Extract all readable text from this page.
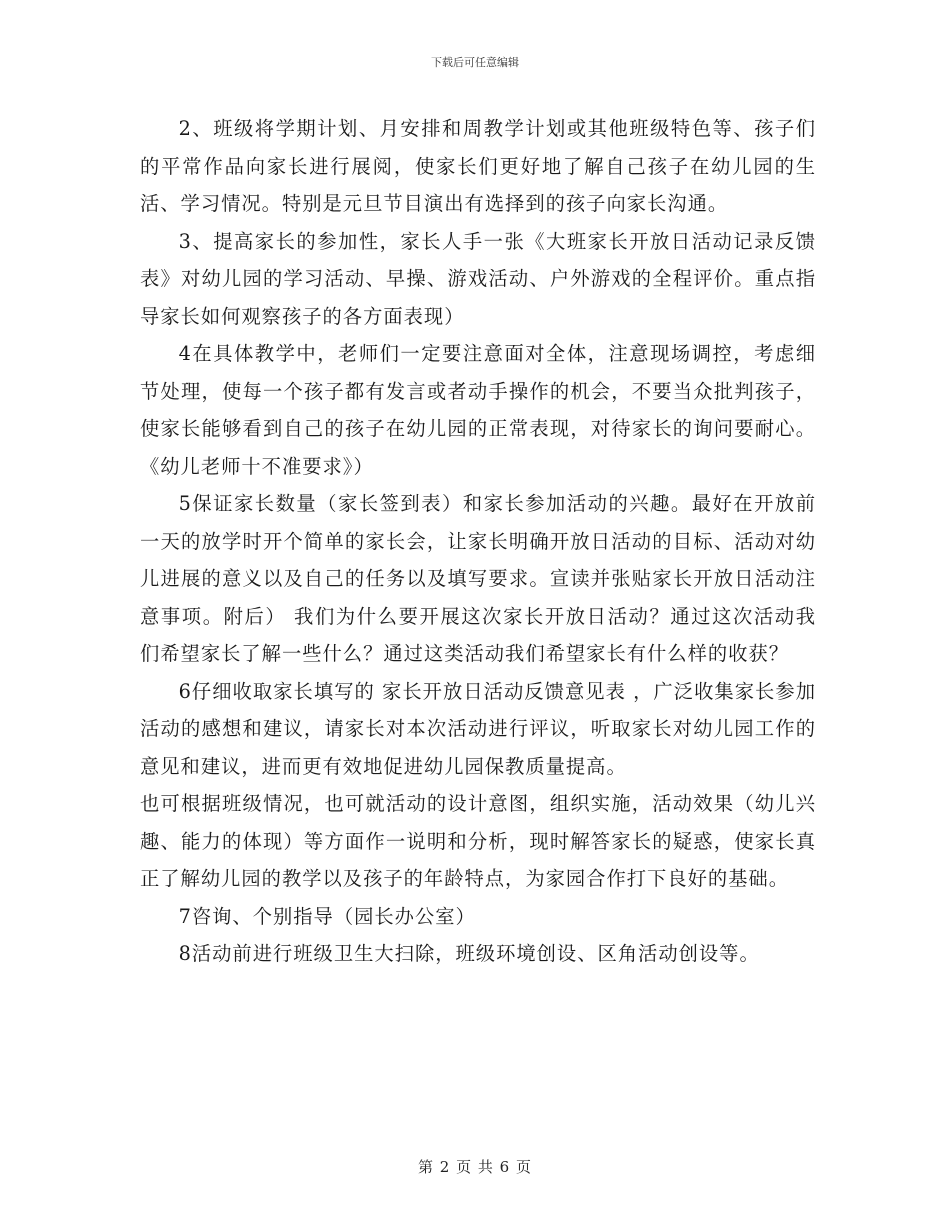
下载后可任意编辑

2、班级将学期计划、月安排和周教学计划或其他班级特色等、孩子们的平常作品向家长进行展阅，使家长们更好地了解自己孩子在幼儿园的生活、学习情况。特别是元旦节目演出有选择到的孩子向家长沟通。

3、提高家长的参加性，家长人手一张《大班家长开放日活动记录反馈表》对幼儿园的学习活动、早操、游戏活动、户外游戏的全程评价。重点指导家长如何观察孩子的各方面表现）

4在具体教学中，老师们一定要注意面对全体，注意现场调控，考虑细节处理，使每一个孩子都有发言或者动手操作的机会，不要当众批判孩子，使家长能够看到自己的孩子在幼儿园的正常表现，对待家长的询问要耐心。《幼儿老师十不准要求》）

5保证家长数量（家长签到表）和家长参加活动的兴趣。最好在开放前一天的放学时开个简单的家长会，让家长明确开放日活动的目标、活动对幼儿进展的意义以及自己的任务以及填写要求。宣读并张贴家长开放日活动注意事项。附后） 我们为什么要开展这次家长开放日活动？通过这次活动我们希望家长了解一些什么？通过这类活动我们希望家长有什么样的收获？

6仔细收取家长填写的 家长开放日活动反馈意见表 ，广泛收集家长参加活动的感想和建议，请家长对本次活动进行评议，听取家长对幼儿园工作的意见和建议，进而更有效地促进幼儿园保教质量提高。

也可根据班级情况，也可就活动的设计意图，组织实施，活动效果（幼儿兴趣、能力的体现）等方面作一说明和分析，现时解答家长的疑惑，使家长真正了解幼儿园的教学以及孩子的年龄特点，为家园合作打下良好的基础。

7咨询、个别指导（园长办公室）

8活动前进行班级卫生大扫除，班级环境创设、区角活动创设等。

第 2 页 共 6 页
